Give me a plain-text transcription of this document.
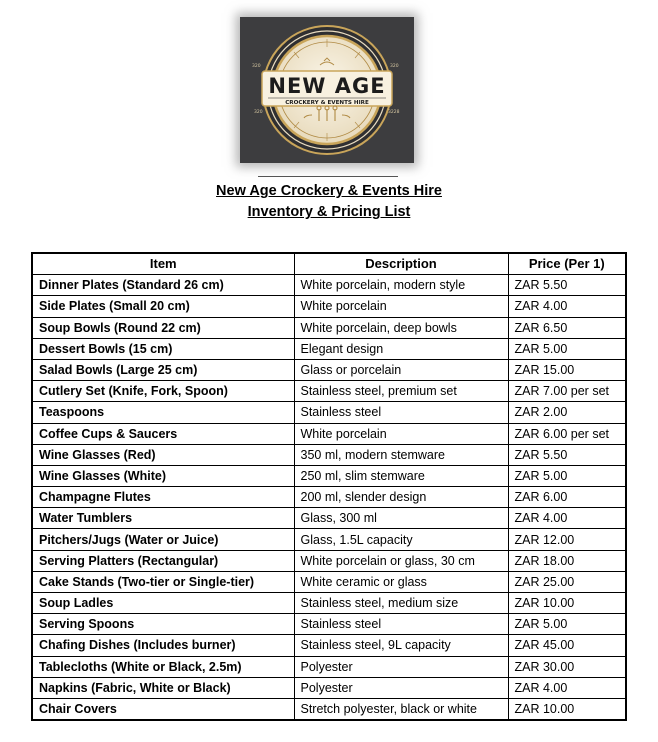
NEW AGE
CROCKERY & EVENTS HIRE
320	320
320	3228
New Age Crockery & Events Hire
Inventory & Pricing List
Item	Description	Price (Per 1)
Dinner Plates (Standard 26 cm)	White porcelain, modern style	ZAR 5.50
Side Plates (Small 20 cm)	White porcelain	ZAR 4.00
Soup Bowls (Round 22 cm)	White porcelain, deep bowls	ZAR 6.50
Dessert Bowls (15 cm)	Elegant design	ZAR 5.00
Salad Bowls (Large 25 cm)	Glass or porcelain	ZAR 15.00
Cutlery Set (Knife, Fork, Spoon)	Stainless steel, premium set	ZAR 7.00 per set
Teaspoons	Stainless steel	ZAR 2.00
Coffee Cups & Saucers	White porcelain	ZAR 6.00 per set
Wine Glasses (Red)	350 ml, modern stemware	ZAR 5.50
Wine Glasses (White)	250 ml, slim stemware	ZAR 5.00
Champagne Flutes	200 ml, slender design	ZAR 6.00
Water Tumblers	Glass, 300 ml	ZAR 4.00
Pitchers/Jugs (Water or Juice)	Glass, 1.5L capacity	ZAR 12.00
Serving Platters (Rectangular)	White porcelain or glass, 30 cm	ZAR 18.00
Cake Stands (Two-tier or Single-tier)	White ceramic or glass	ZAR 25.00
Soup Ladles	Stainless steel, medium size	ZAR 10.00
Serving Spoons	Stainless steel	ZAR 5.00
Chafing Dishes (Includes burner)	Stainless steel, 9L capacity	ZAR 45.00
Tablecloths (White or Black, 2.5m)	Polyester	ZAR 30.00
Napkins (Fabric, White or Black)	Polyester	ZAR 4.00
Chair Covers	Stretch polyester, black or white	ZAR 10.00
